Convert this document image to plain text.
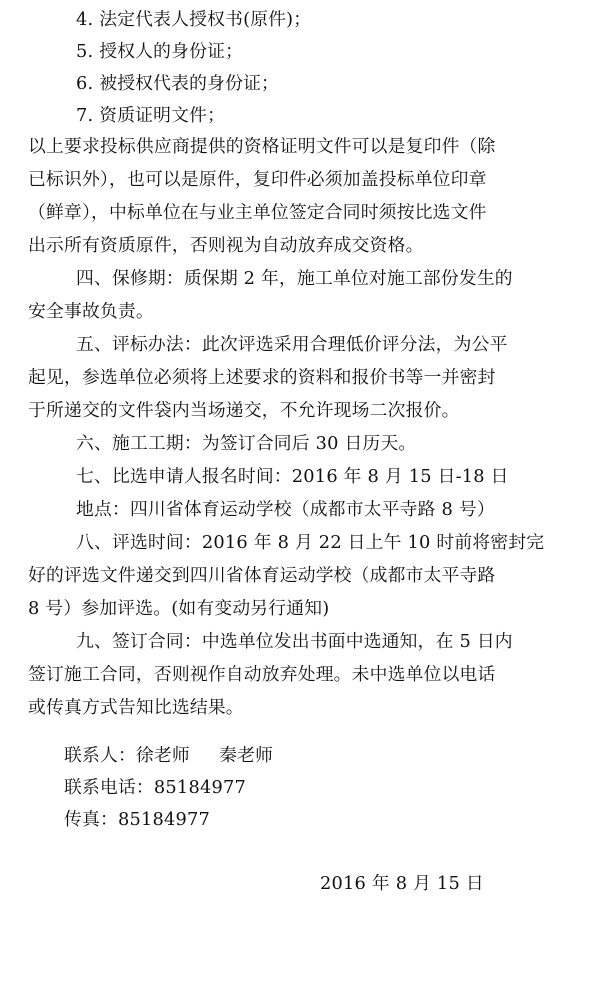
4. 法定代表人授权书(原件)；
5. 授权人的身份证；
6. 被授权代表的身份证；
7. 资质证明文件；
以上要求投标供应商提供的资格证明文件可以是复印件（除
已标识外），也可以是原件，复印件必须加盖投标单位印章
（鲜章），中标单位在与业主单位签定合同时须按比选文件
出示所有资质原件，否则视为自动放弃成交资格。
四、保修期：质保期 2 年，施工单位对施工部份发生的
安全事故负责。
五、评标办法：此次评选采用合理低价评分法，为公平
起见，参选单位必须将上述要求的资料和报价书等一并密封
于所递交的文件袋内当场递交，不允许现场二次报价。
六、施工工期：为签订合同后 30 日历天。
七、比选申请人报名时间：2016 年 8 月 15 日-18 日
地点：四川省体育运动学校（成都市太平寺路 8 号）
八、评选时间：2016 年 8 月 22 日上午 10 时前将密封完
好的评选文件递交到四川省体育运动学校（成都市太平寺路
8 号）参加评选。(如有变动另行通知)
九、签订合同：中选单位发出书面中选通知，在 5 日内
签订施工合同，否则视作自动放弃处理。未中选单位以电话
或传真方式告知比选结果。
联系人：徐老师     秦老师
联系电话：85184977
传真：85184977
2016 年 8 月 15 日
